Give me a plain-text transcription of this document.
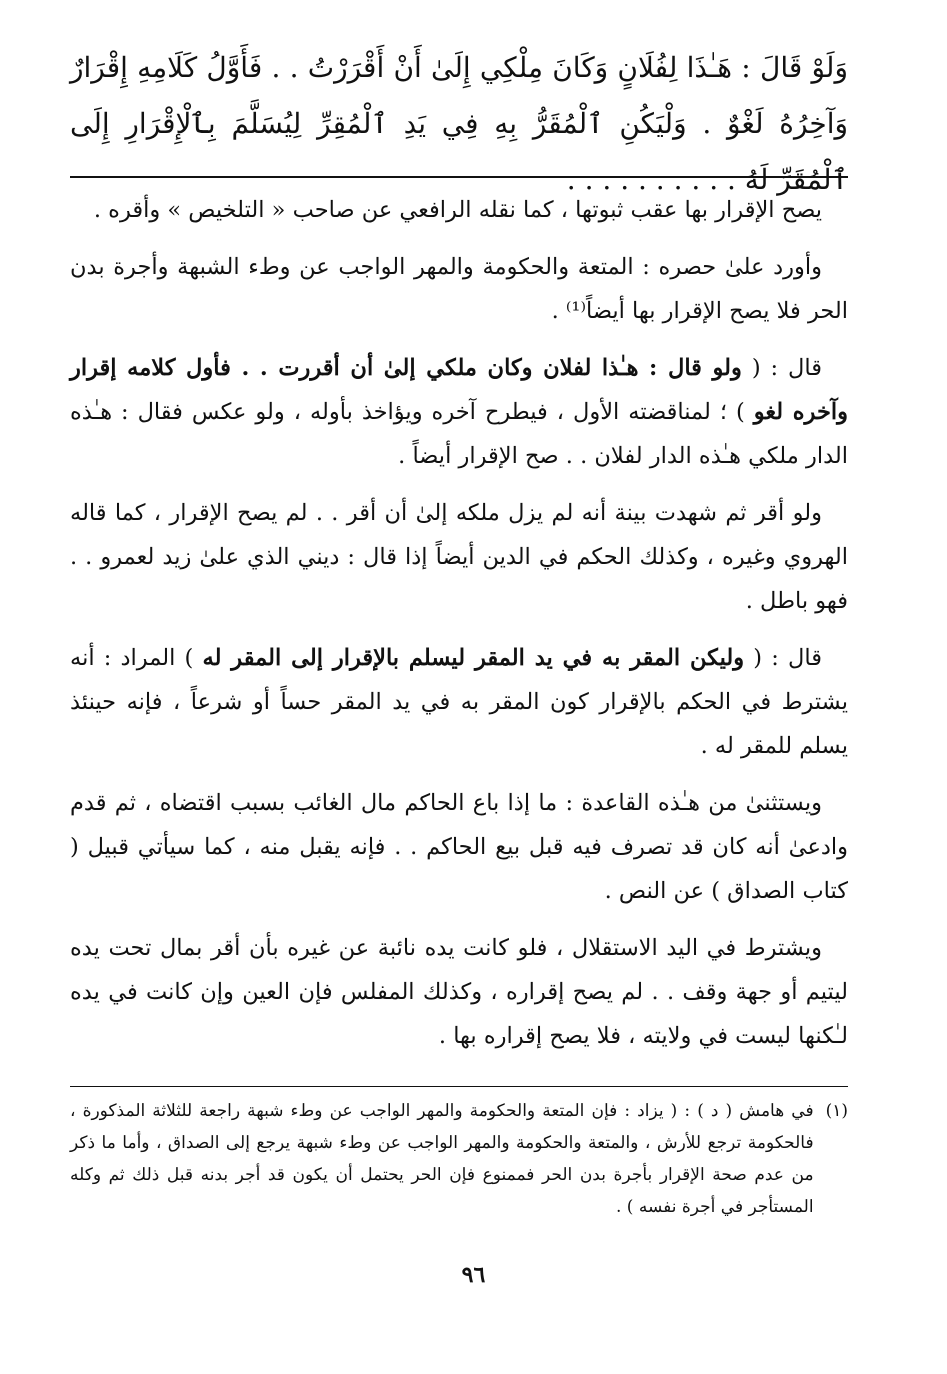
وَلَوْ قَالَ : هَـٰذَا لِفُلَانٍ وَكَانَ مِلْكِي إِلَىٰ أَنْ أَقْرَرْتُ . . فَأَوَّلُ كَلَامِهِ إِقْرَارٌ وَآخِرُهُ لَغْوٌ . وَلْيَكُنِ ٱلْمُقَرُّ بِهِ فِي يَدِ ٱلْمُقِرِّ لِيُسَلَّمَ بِٱلْإِقْرَارِ إِلَى ٱلْمُقَرِّ لَهُ . . . . . . . . . .

يصح الإقرار بها عقب ثبوتها ، كما نقله الرافعي عن صاحب « التلخيص » وأقره .

وأورد علىٰ حصره : المتعة والحكومة والمهر الواجب عن وطء الشبهة وأجرة بدن الحر فلا يصح الإقرار بها أيضاً⁽¹⁾ .

قال : ( ولو قال : هـٰذا لفلان وكان ملكي إلىٰ أن أقررت . . فأول كلامه إقرار وآخره لغو ) ؛ لمناقضته الأول ، فيطرح آخره ويؤاخذ بأوله ، ولو عكس فقال : هـٰذه الدار ملكي هـٰذه الدار لفلان . . صح الإقرار أيضاً .

ولو أقر ثم شهدت بينة أنه لم يزل ملكه إلىٰ أن أقر . . لم يصح الإقرار ، كما قاله الهروي وغيره ، وكذلك الحكم في الدين أيضاً إذا قال : ديني الذي علىٰ زيد لعمرو . . فهو باطل .

قال : ( وليكن المقر به في يد المقر ليسلم بالإقرار إلى المقر له ) المراد : أنه يشترط في الحكم بالإقرار كون المقر به في يد المقر حساً أو شرعاً ، فإنه حينئذ يسلم للمقر له .

ويستثنىٰ من هـٰذه القاعدة : ما إذا باع الحاكم مال الغائب بسبب اقتضاه ، ثم قدم وادعىٰ أنه كان قد تصرف فيه قبل بيع الحاكم . . فإنه يقبل منه ، كما سيأتي قبيل ( كتاب الصداق ) عن النص .

ويشترط في اليد الاستقلال ، فلو كانت يده نائبة عن غيره بأن أقر بمال تحت يده ليتيم أو جهة وقف . . لم يصح إقراره ، وكذلك المفلس فإن العين وإن كانت في يده لـٰكنها ليست في ولايته ، فلا يصح إقراره بها .

(١)
في هامش ( د ) : ( يزاد : فإن المتعة والحكومة والمهر الواجب عن وطء شبهة راجعة للثلاثة المذكورة ، فالحكومة ترجع للأرش ، والمتعة والحكومة والمهر الواجب عن وطء شبهة يرجع إلى الصداق ، وأما ما ذكر من عدم صحة الإقرار بأجرة بدن الحر فممنوع فإن الحر يحتمل أن يكون قد أجر بدنه قبل ذلك ثم وكله المستأجر في أجرة نفسه ) .
٩٦
